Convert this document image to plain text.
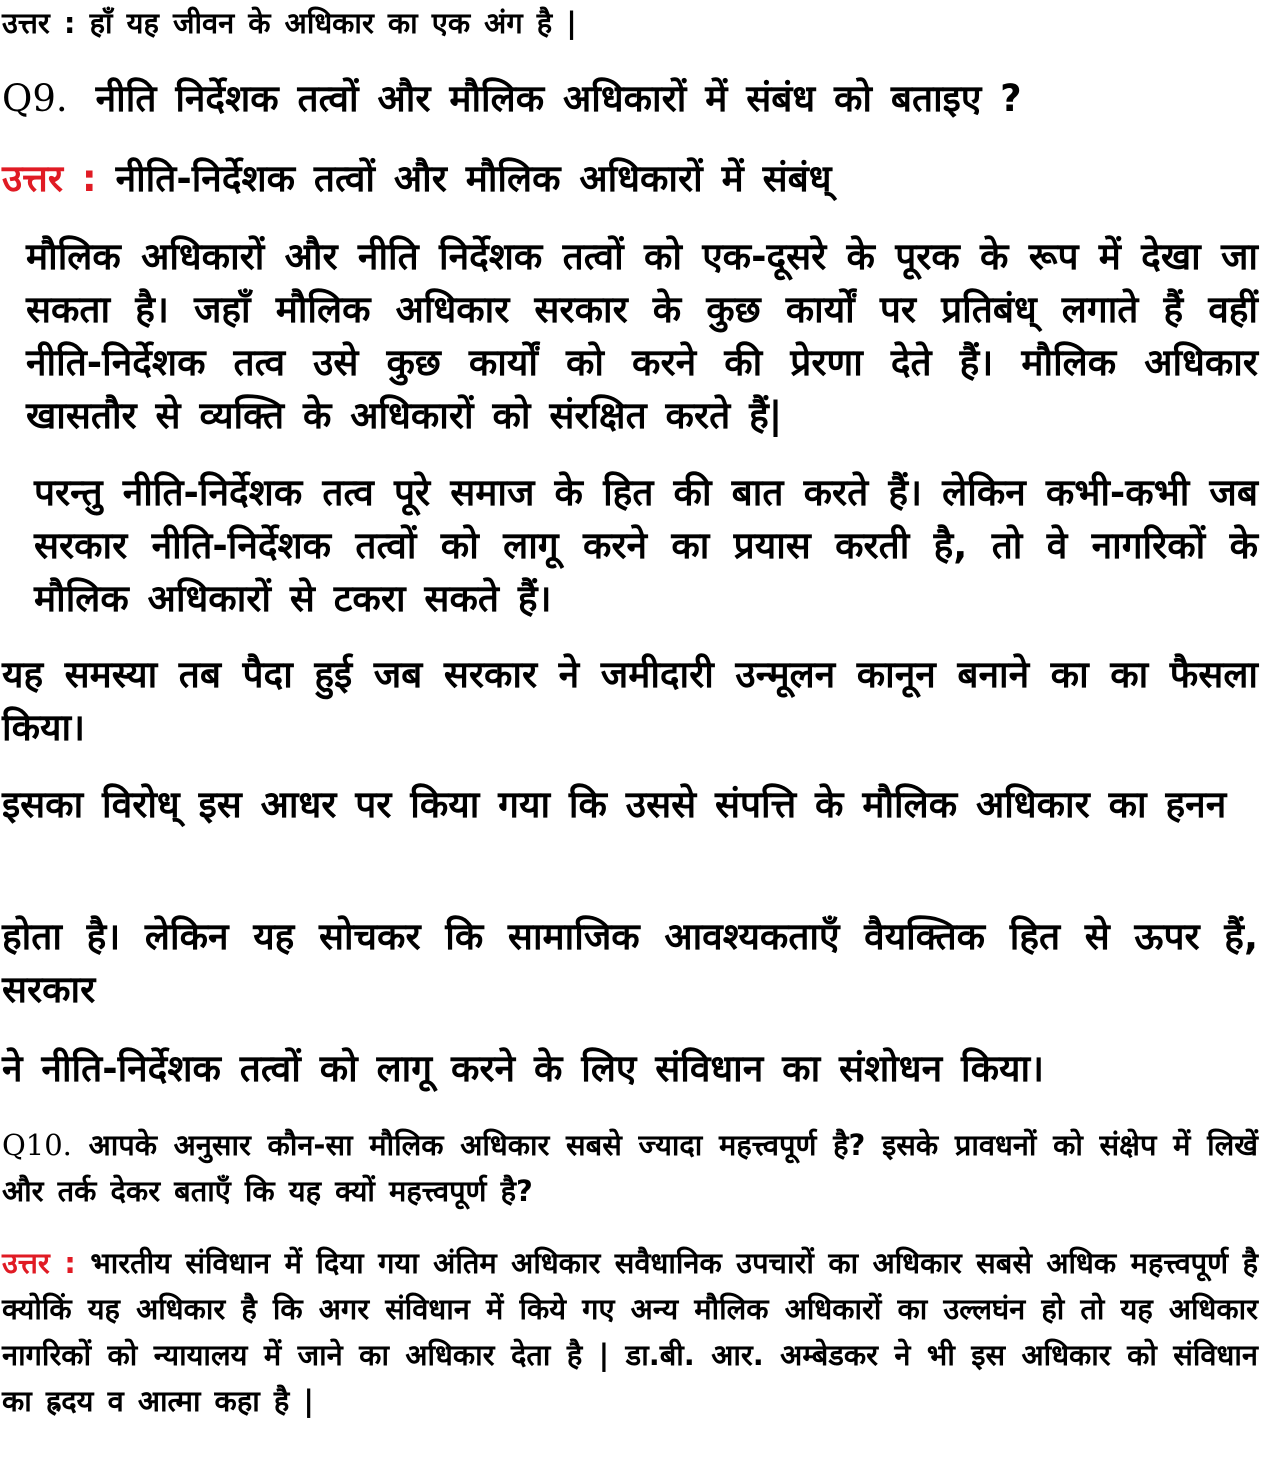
उत्तर : हाँ यह जीवन के अधिकार का एक अंग है |

Q9. नीति निर्देशक तत्वों और मौलिक अधिकारों में संबंध को बताइए ?

उत्तर : नीति-निर्देशक तत्वों और मौलिक अधिकारों में संबंध्

मौलिक अधिकारों और नीति निर्देशक तत्वों को एक-दूसरे के पूरक के रूप में देखा जा सकता है। जहाँ मौलिक अधिकार सरकार के कुछ कार्यों पर प्रतिबंध् लगाते हैं वहीं नीति-निर्देशक तत्व उसे कुछ कार्यों को करने की प्रेरणा देते हैं। मौलिक अधिकार खासतौर से व्यक्ति के अधिकारों को संरक्षित करते हैं|

परन्तु नीति-निर्देशक तत्व पूरे समाज के हित की बात करते हैं। लेकिन कभी-कभी जब सरकार नीति-निर्देशक तत्वों को लागू करने का प्रयास करती है, तो वे नागरिकों के मौलिक अधिकारों से टकरा सकते हैं।

यह समस्या तब पैदा हुई जब सरकार ने जमीदारी उन्मूलन कानून बनाने का का फैसला किया।

इसका विरोध् इस आधर पर किया गया कि उससे संपत्ति के मौलिक अधिकार का हनन

होता है। लेकिन यह सोचकर कि सामाजिक आवश्यकताएँ वैयक्तिक हित से ऊपर हैं, सरकार

ने नीति-निर्देशक तत्वों को लागू करने के लिए संविधान का संशोधन किया।

Q10. आपके अनुसार कौन-सा मौलिक अधिकार सबसे ज्यादा महत्त्वपूर्ण है? इसके प्रावधनों को संक्षेप में लिखें और तर्क देकर बताएँ कि यह क्यों महत्त्वपूर्ण है?

उत्तर : भारतीय संविधान में दिया गया अंतिम अधिकार सवैधानिक उपचारों का अधिकार सबसे अधिक महत्त्वपूर्ण है क्योकिं यह अधिकार है कि अगर संविधान में किये गए अन्य मौलिक अधिकारों का उल्लघंन हो तो यह अधिकार नागरिकों को न्यायालय में जाने का अधिकार देता है | डा.बी. आर. अम्बेडकर ने भी इस अधिकार को संविधान का ह्रदय व आत्मा कहा है |
